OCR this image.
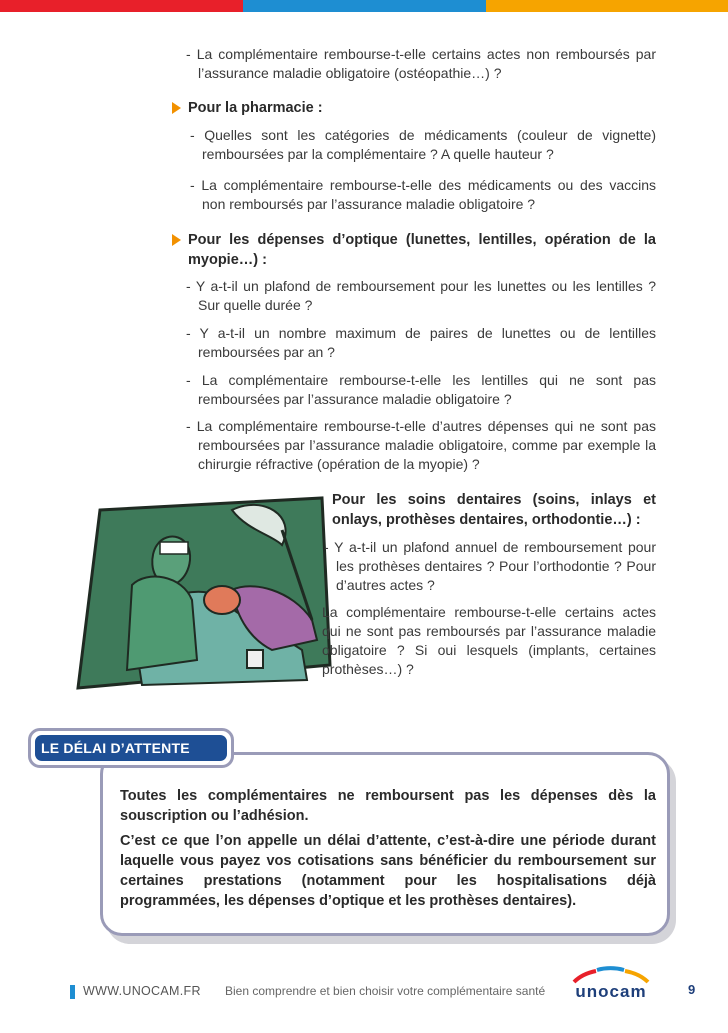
- La complémentaire rembourse-t-elle certains actes non remboursés par l’assurance maladie obligatoire (ostéopathie…) ?

Pour la pharmacie :

- Quelles sont les catégories de médicaments (couleur de vignette) remboursées par la complémentaire ? A quelle hauteur ?

- La complémentaire rembourse-t-elle des médicaments ou des vaccins non remboursés par l’assurance maladie obligatoire ?

Pour les dépenses d’optique (lunettes, lentilles, opération de la myopie…) :

- Y a-t-il un plafond de remboursement pour les lunettes ou les lentilles ? Sur quelle durée ?

- Y a-t-il un nombre maximum de paires de lunettes ou de lentilles remboursées par an ?

- La complémentaire rembourse-t-elle les lentilles qui ne sont pas remboursées par l’assurance maladie obligatoire ?

- La complémentaire rembourse-t-elle d’autres dépenses qui ne sont pas remboursées par l’assurance maladie obligatoire, comme par exemple la chirurgie réfractive (opération de la myopie) ?

Pour les soins dentaires (soins, inlays et onlays, prothèses dentaires, orthodontie…) :

- Y a-t-il un plafond annuel de remboursement pour les prothèses dentaires ? Pour l’orthodontie ? Pour d’autres actes ?

La complémentaire rembourse-t-elle certains actes qui ne sont pas remboursés par l’assurance maladie obligatoire ? Si oui lesquels (implants, certaines prothèses…) ?

LE DÉLAI D’ATTENTE

Toutes les complémentaires ne remboursent pas les dépenses dès la souscription ou l’adhésion.

C’est ce que l’on appelle un délai d’attente, c’est-à-dire une période durant laquelle vous payez vos cotisations sans bénéficier du remboursement sur certaines prestations (notamment pour les hospitalisations déjà programmées, les dépenses d’optique et les prothèses dentaires).

WWW.UNOCAM.FR Bien comprendre et bien choisir votre complémentaire santé	unocam	9
